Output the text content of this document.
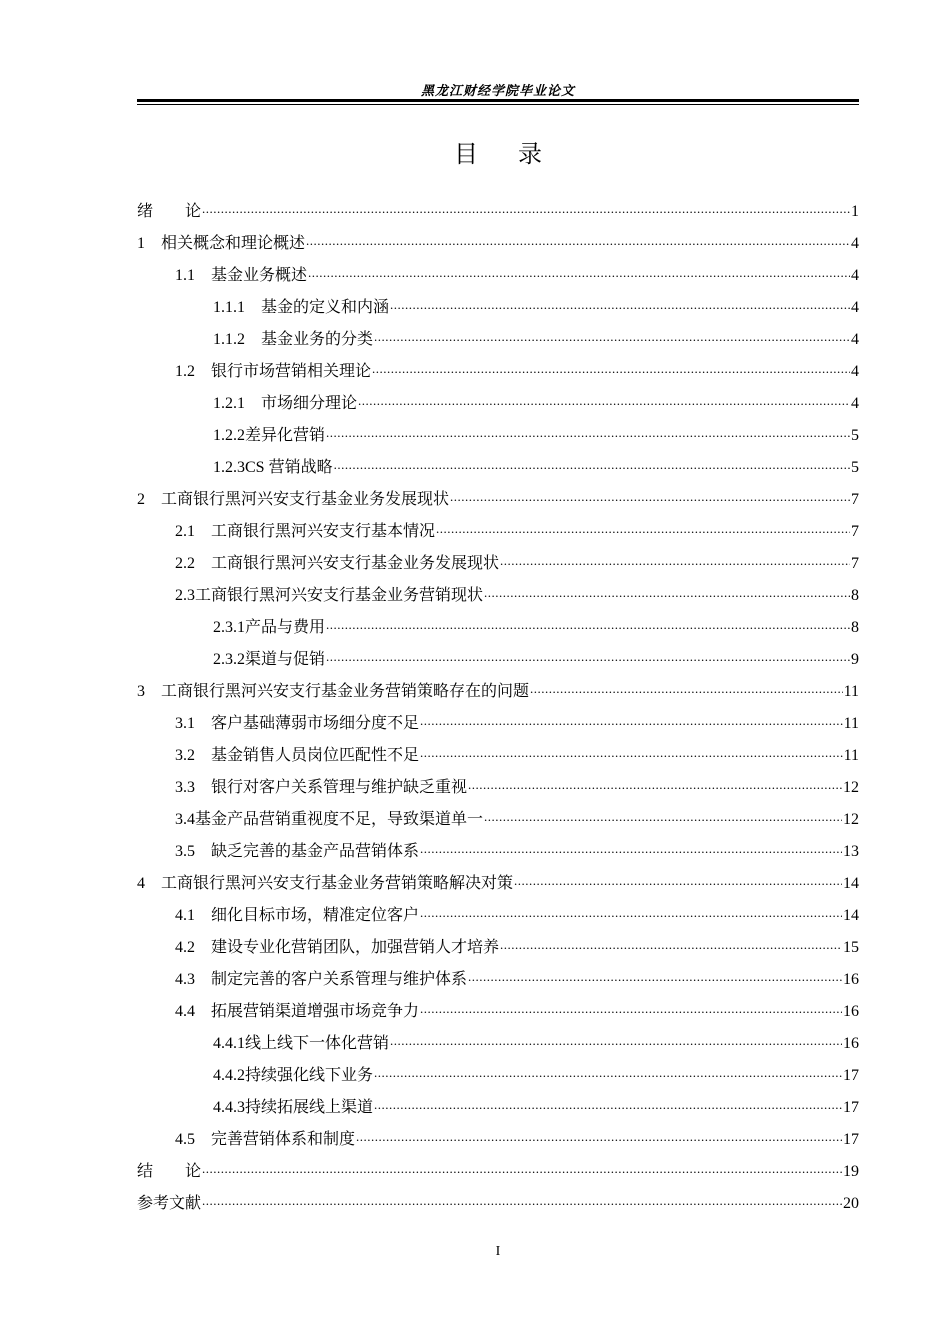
黑龙江财经学院毕业论文
目 录
绪　　论 .....	1
1　相关概念和理论概述 .....	4
1.1　基金业务概述 .....	4
1.1.1　基金的定义和内涵 .....	4
1.1.2　基金业务的分类 .....	4
1.2　银行市场营销相关理论 .....	4
1.2.1　市场细分理论 .....	4
1.2.2差异化营销 .....	5
1.2.3CS 营销战略 .....	5
2　工商银行黑河兴安支行基金业务发展现状 .....	7
2.1　工商银行黑河兴安支行基本情况 .....	7
2.2　工商银行黑河兴安支行基金业务发展现状 .....	7
2.3工商银行黑河兴安支行基金业务营销现状 .....	8
2.3.1产品与费用 .....	8
2.3.2渠道与促销 .....	9
3　工商银行黑河兴安支行基金业务营销策略存在的问题 .....	11
3.1　客户基础薄弱市场细分度不足 .....	11
3.2　基金销售人员岗位匹配性不足 .....	11
3.3　银行对客户关系管理与维护缺乏重视 .....	12
3.4基金产品营销重视度不足，导致渠道单一 .....	12
3.5　缺乏完善的基金产品营销体系 .....	13
4　工商银行黑河兴安支行基金业务营销策略解决对策 .....	14
4.1　细化目标市场，精准定位客户 .....	14
4.2　建设专业化营销团队，加强营销人才培养 .....	15
4.3　制定完善的客户关系管理与维护体系 .....	16
4.4　拓展营销渠道增强市场竞争力 .....	16
4.4.1线上线下一体化营销 .....	16
4.4.2持续强化线下业务 .....	17
4.4.3持续拓展线上渠道 .....	17
4.5　完善营销体系和制度 .....	17
结　　论 .....	19
参考文献 .....	20
I
